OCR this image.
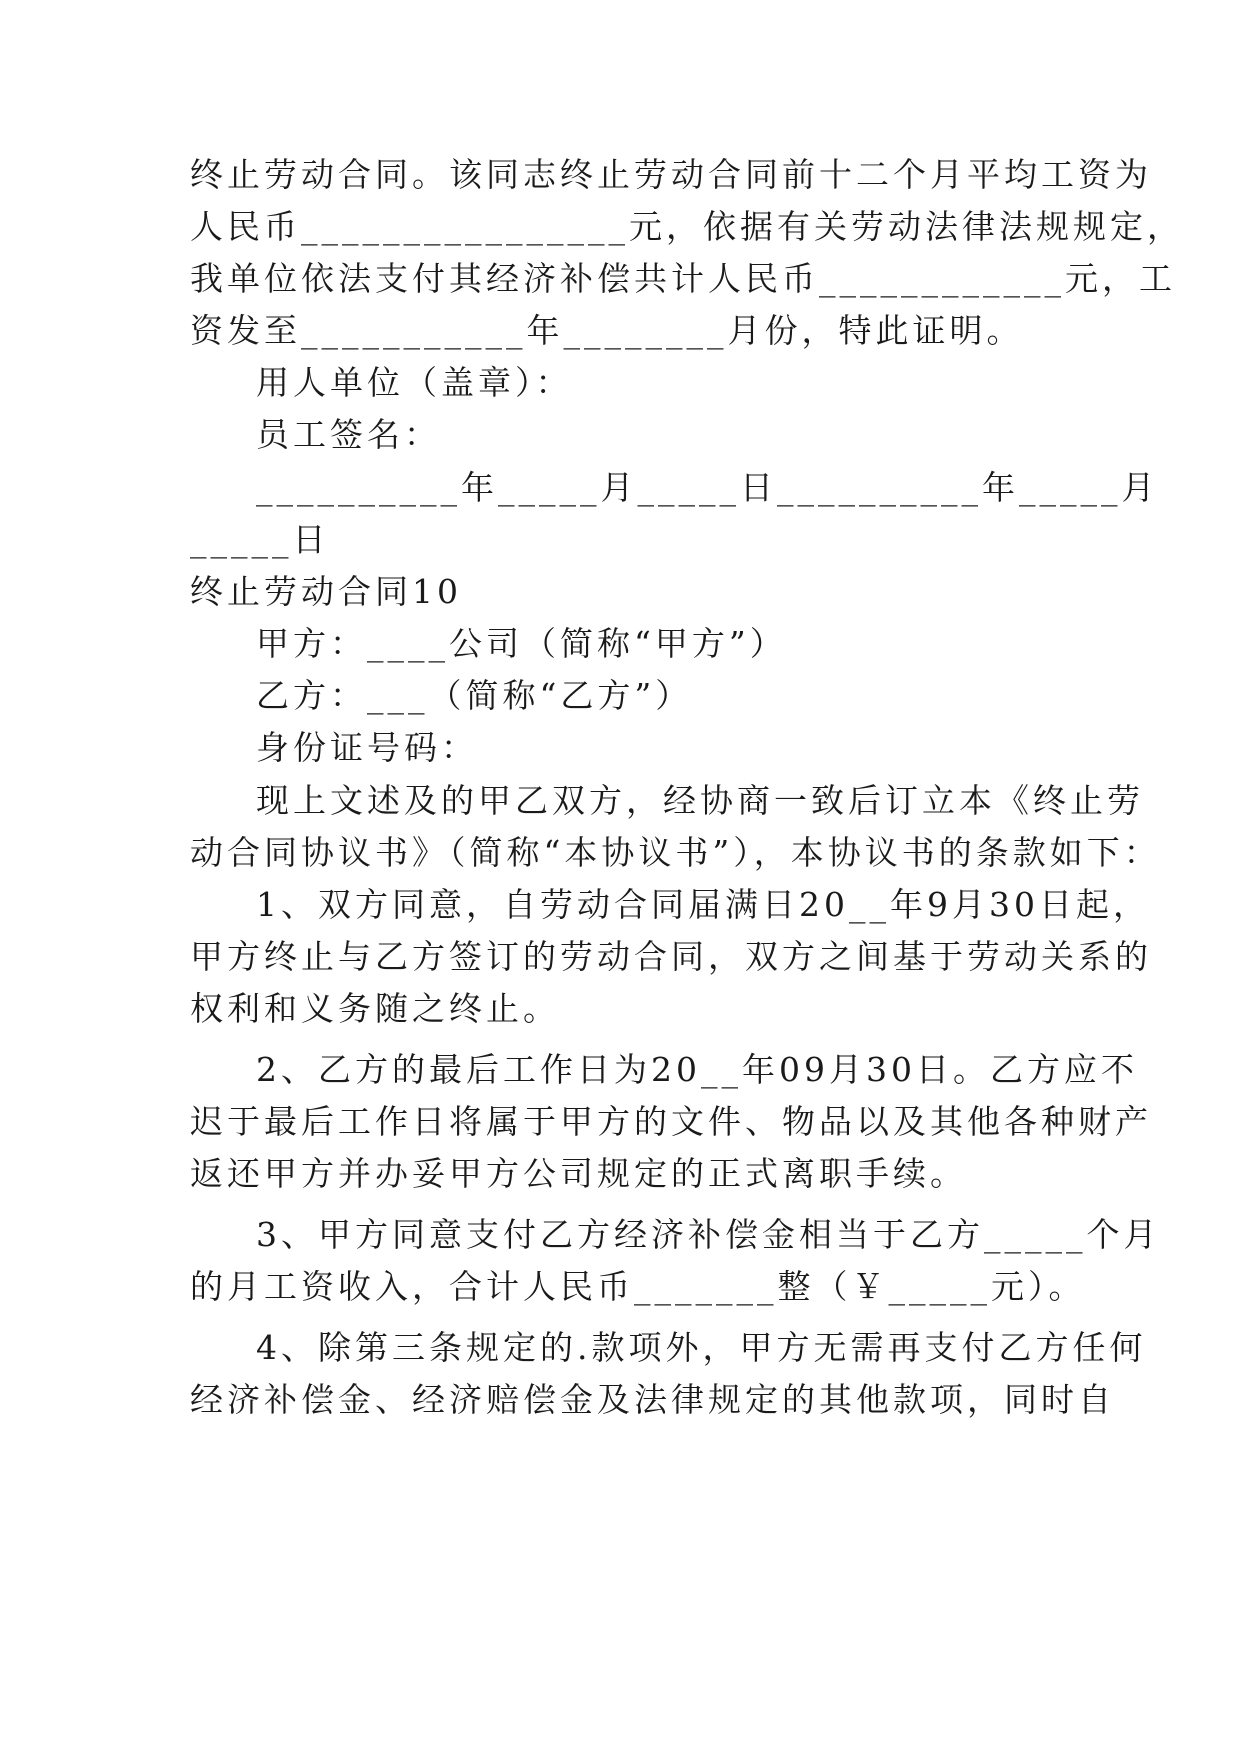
终止劳动合同。该同志终止劳动合同前十二个月平均工资为
人民币________________元，依据有关劳动法律法规规定，
我单位依法支付其经济补偿共计人民币____________元，工
资发至___________年________月份，特此证明。
用人单位（盖章）：
员工签名：
__________年_____月_____日__________年_____月
_____日
终止劳动合同10
甲方：____公司（简称“甲方”）
乙方：___（简称“乙方”）
身份证号码：
现上文述及的甲乙双方，经协商一致后订立本《终止劳
动合同协议书》（简称“本协议书”），本协议书的条款如下：
1、双方同意，自劳动合同届满日20__年9月30日起，
甲方终止与乙方签订的劳动合同，双方之间基于劳动关系的
权利和义务随之终止。
2、乙方的最后工作日为20__年09月30日。乙方应不
迟于最后工作日将属于甲方的文件、物品以及其他各种财产
返还甲方并办妥甲方公司规定的正式离职手续。
3、甲方同意支付乙方经济补偿金相当于乙方_____个月
的月工资收入，合计人民币_______整（￥_____元）。
4、除第三条规定的.款项外，甲方无需再支付乙方任何
经济补偿金、经济赔偿金及法律规定的其他款项，同时自
